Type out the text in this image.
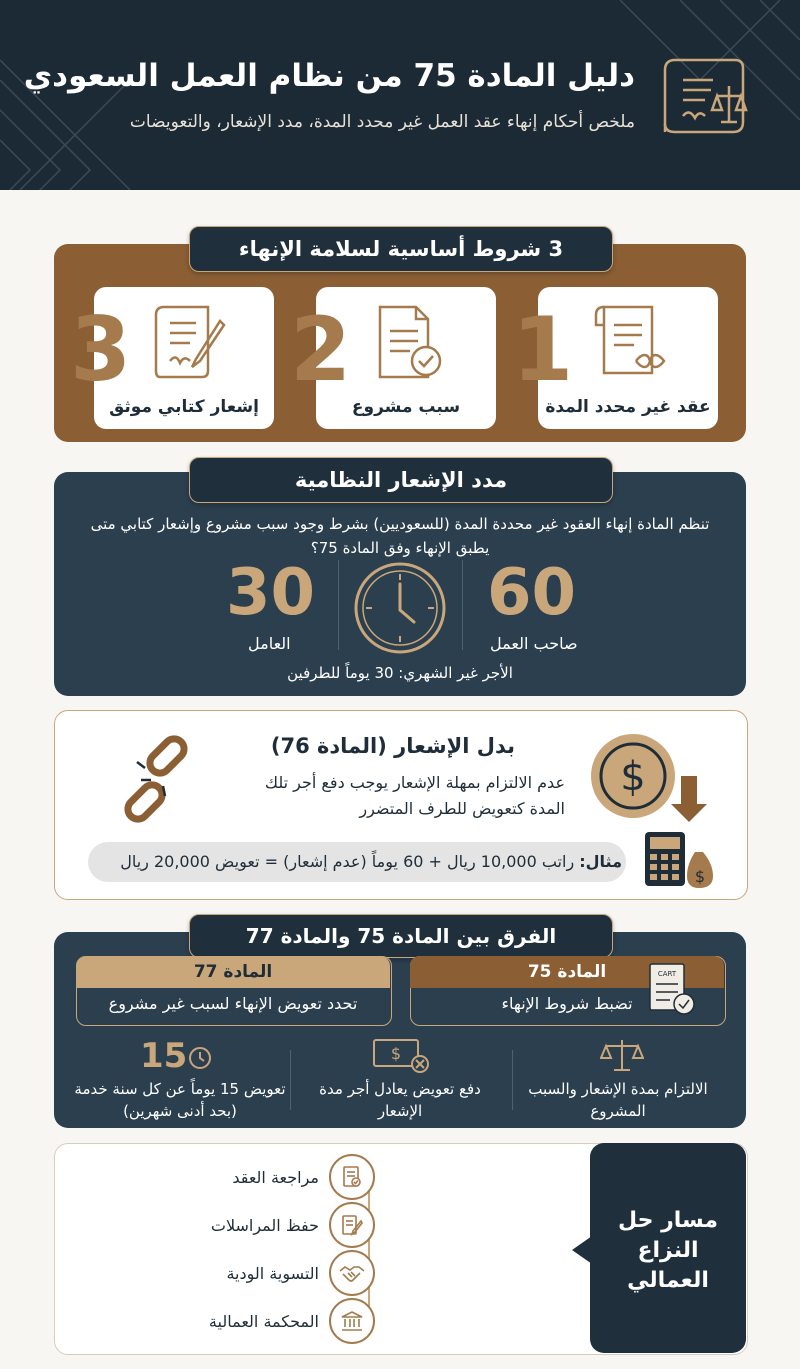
دليل المادة 75 من نظام العمل السعودي
ملخص أحكام إنهاء عقد العمل غير محدد المدة، مدد الإشعار، والتعويضات
3 شروط أساسية لسلامة الإنهاء
عقد غير محدد المدة
1
سبب مشروع
2
إشعار كتابي موثق
3
مدد الإشعار النظامية
تنظم المادة إنهاء العقود غير محددة المدة (للسعوديين) بشرط وجود سبب مشروع وإشعار كتابي متى يطبق الإنهاء وفق المادة 75؟
60
صاحب العمل
30
العامل
الأجر غير الشهري: 30 يوماً للطرفين
بدل الإشعار (المادة 76)
عدم الالتزام بمهلة الإشعار يوجب دفع أجر تلك المدة كتعويض للطرف المتضرر
$
مثال: راتب 10,000 ريال + 60 يوماً (عدم إشعار) = تعويض 20,000 ريال
$
الفرق بين المادة 75 والمادة 77
المادة 75
تضبط شروط الإنهاء
CART
المادة 77
تحدد تعويض الإنهاء لسبب غير مشروع
الالتزام بمدة الإشعار والسبب المشروع
$
دفع تعويض يعادل أجر مدة الإشعار
15
تعويض 15 يوماً عن كل سنة خدمة (بحد أدنى شهرين)
مسار حل النزاع العمالي
مراجعة العقد
حفظ المراسلات
التسوية الودية
المحكمة العمالية
